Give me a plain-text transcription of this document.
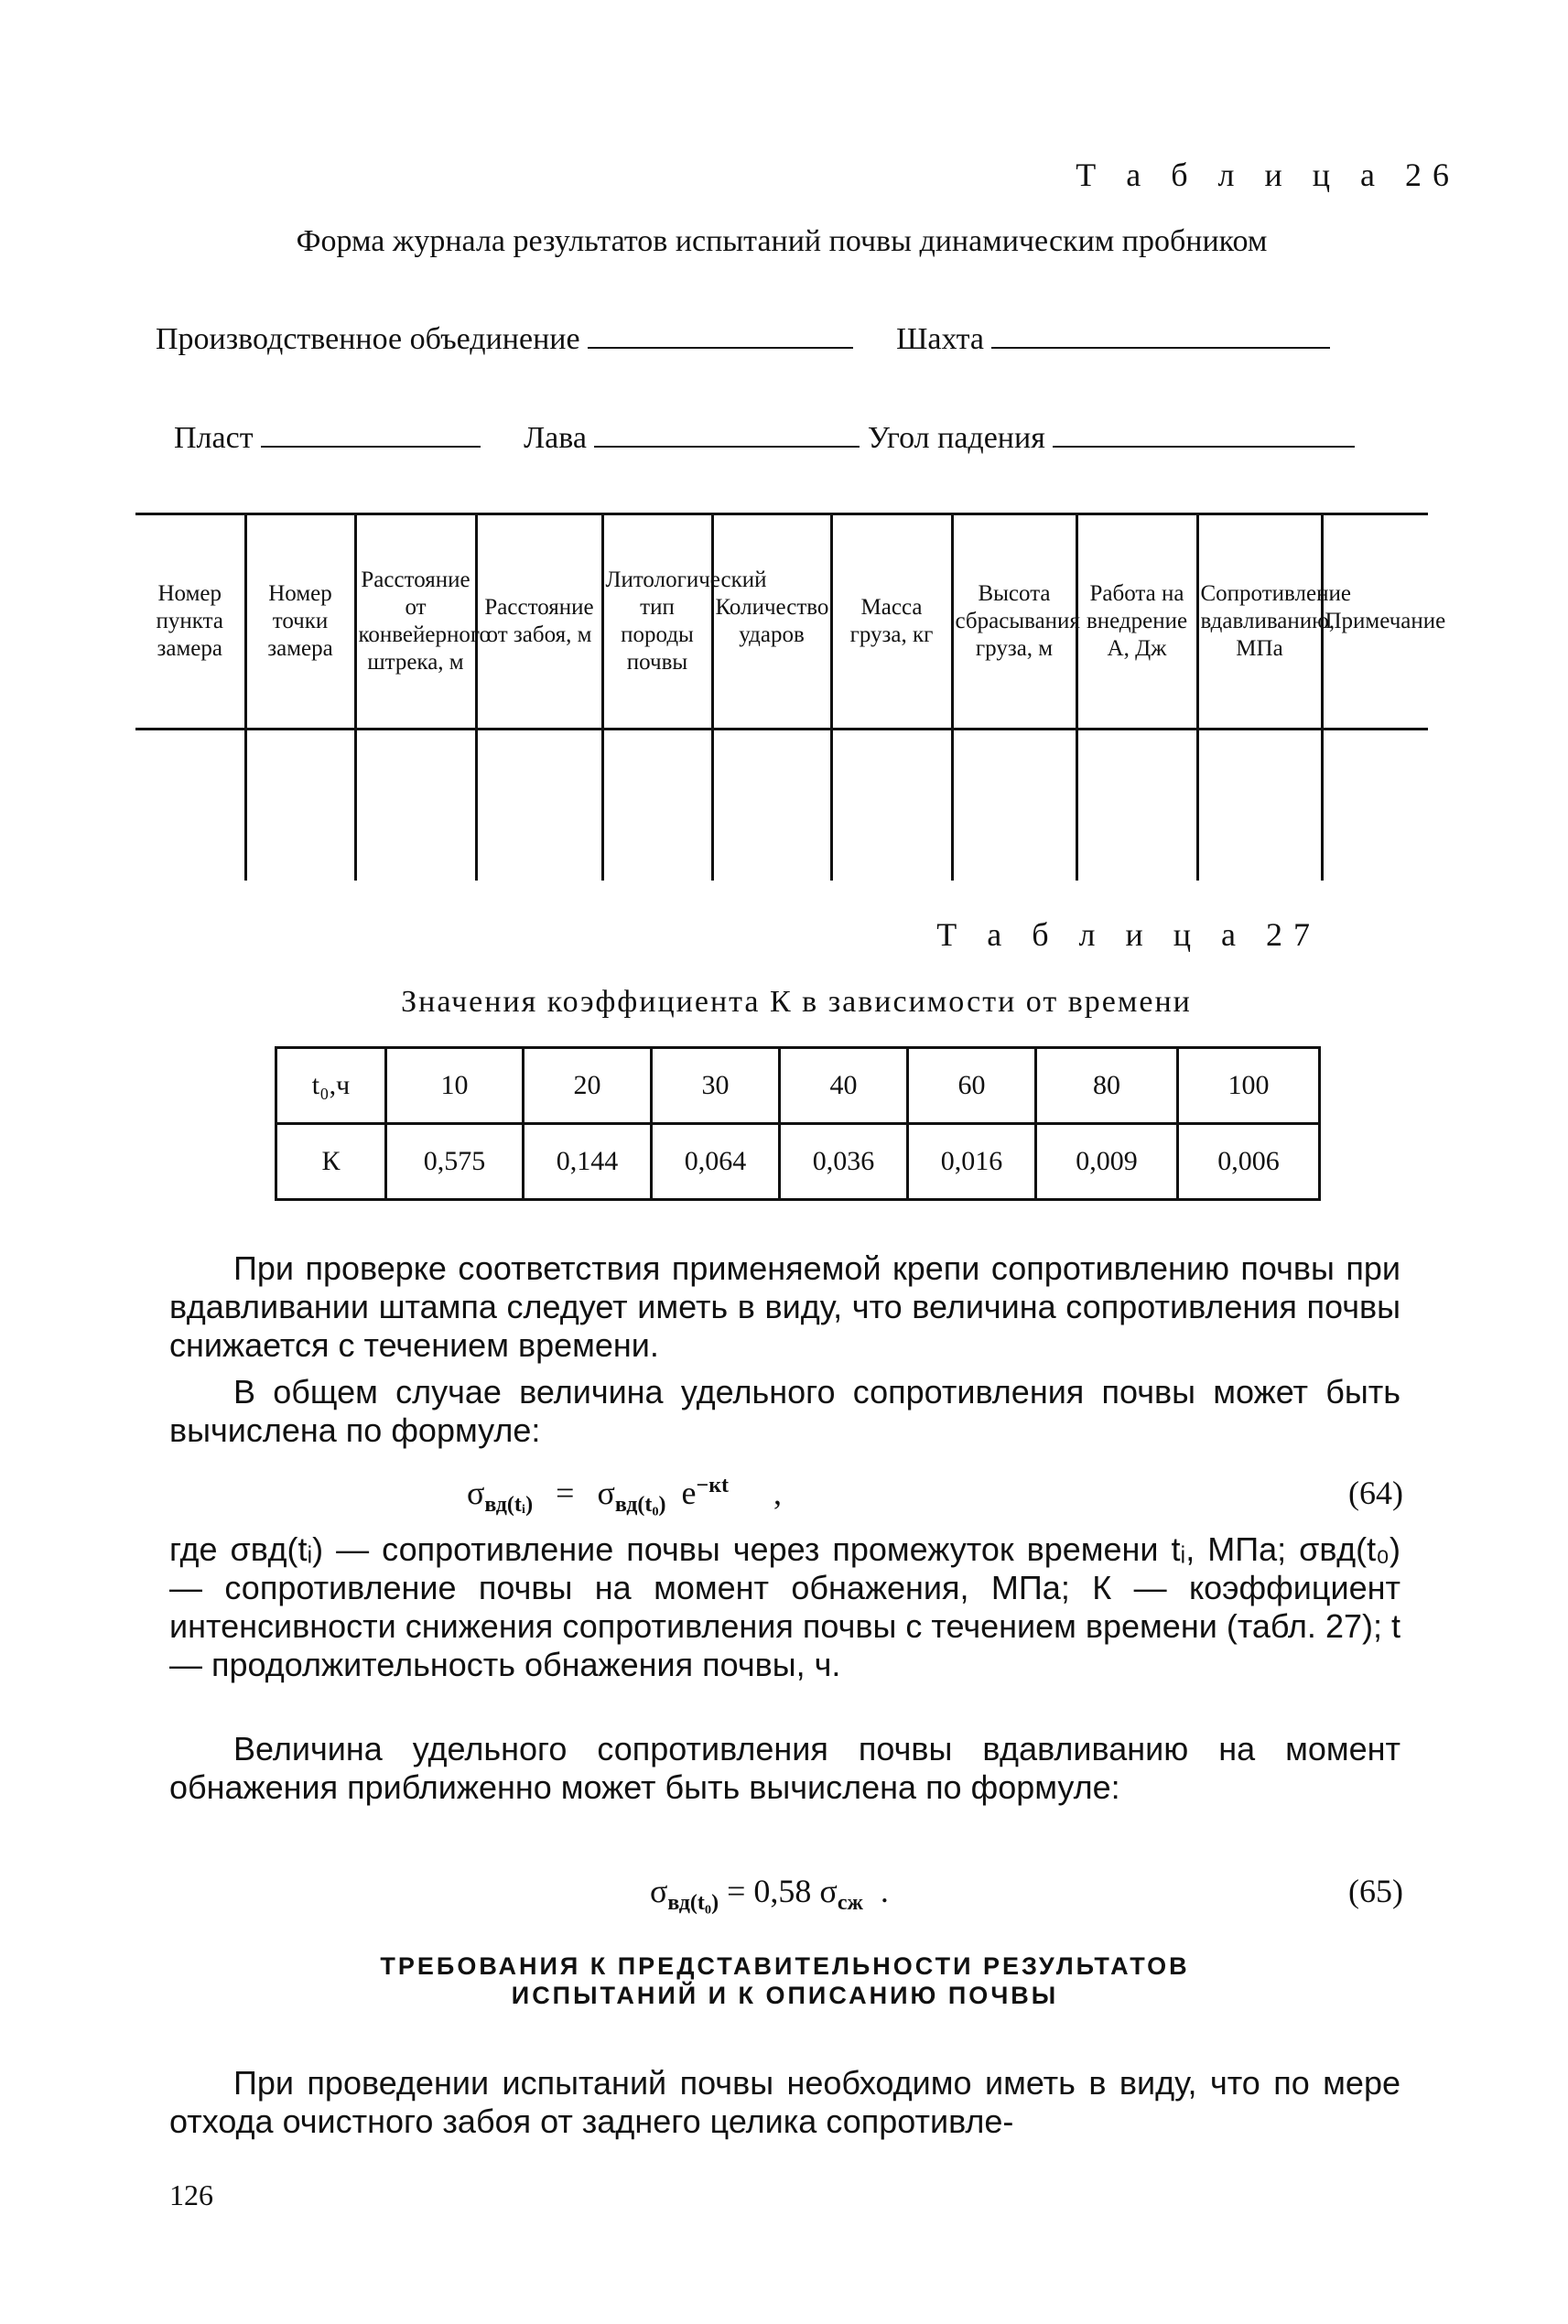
Т а б л и ц а 26
Форма журнала результатов испытаний почвы динамическим пробником
Производственное объединение	Шахта
Пласт	Лава	Угол падения
Номер пункта замера	Номер точки замера	Расстояние от конвейерного штрека, м	Расстояние от забоя, м	Литологический тип породы почвы	Количество ударов	Масса груза, кг	Высота сбрасывания груза, м	Работа на внедрение А, Дж	Сопротивление вдавливанию, МПа	Примечание

Т а б л и ц а 27
Значения коэффициента К в зависимости от времени
t₀,ч	10	20	30	40	60	80	100
К	0,575	0,144	0,064	0,036	0,016	0,009	0,006
При проверке соответствия применяемой крепи сопротивлению почвы при вдавливании штампа следует иметь в виду, что величина сопротивления почвы снижается с течением времени.
В общем случае величина удельного сопротивления почвы может быть вычислена по формуле:
$\sigma_{вд(tᵢ)} = \sigma_{вд(t_0)}$ $e^{-кt}$ ,	(64)
где σвд(tᵢ) — сопротивление почвы через промежуток времени tᵢ, МПа; σвд(t₀) — сопротивление почвы на момент обнажения, МПа; К — коэффициент интенсивности снижения сопротивления почвы с течением времени (табл. 27); t — продолжительность обнажения почвы, ч.
Величина удельного сопротивления почвы вдавливанию на момент обнажения приближенно может быть вычислена по формуле:
$\sigma_{вд(t_0)} = 0,58$ $\sigma_{сж}$ .	(65)
ТРЕБОВАНИЯ К ПРЕДСТАВИТЕЛЬНОСТИ РЕЗУЛЬТАТОВ
ИСПЫТАНИЙ И К ОПИСАНИЮ ПОЧВЫ
При проведении испытаний почвы необходимо иметь в виду, что по мере отхода очистного забоя от заднего целика сопротивле-
126
